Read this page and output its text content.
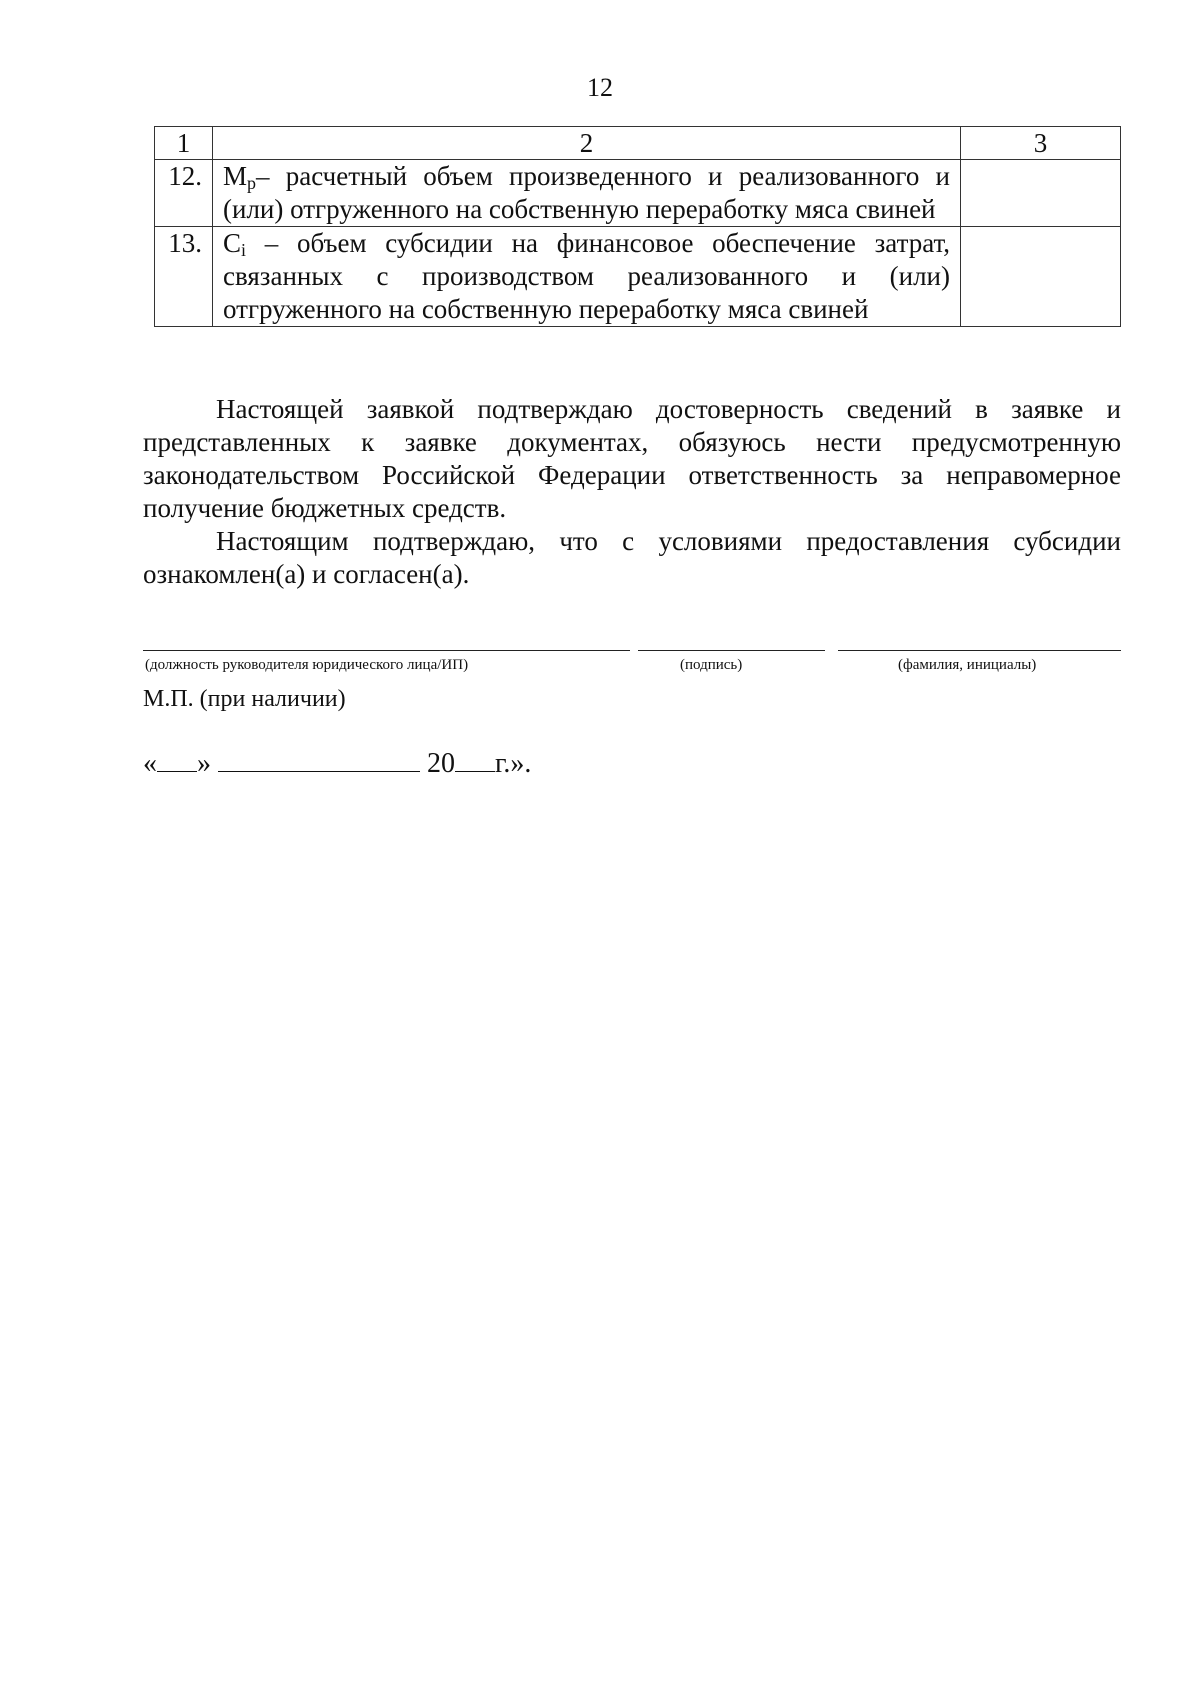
12
1	2	3
12.	$M_p-$ расчетный объем произведенного и реализованного и (или) отгруженного на собственную переработку мяса свиней	
13.	$C_i$ – объем субсидии на финансовое обеспечение затрат, связанных с производством реализованного и (или) отгруженного на собственную переработку мяса свиней	

Настоящей заявкой подтверждаю достоверность сведений в заявке и представленных к заявке документах, обязуюсь нести предусмотренную законодательством Российской Федерации ответственность за неправомерное получение бюджетных средств.

Настоящим подтверждаю, что с условиями предоставления субсидии ознакомлен(а) и согласен(а).

(должность руководителя юридического лица/ИП)	(подпись)	(фамилия, инициалы)
М.П. (при наличии)
« »	20 г.».
